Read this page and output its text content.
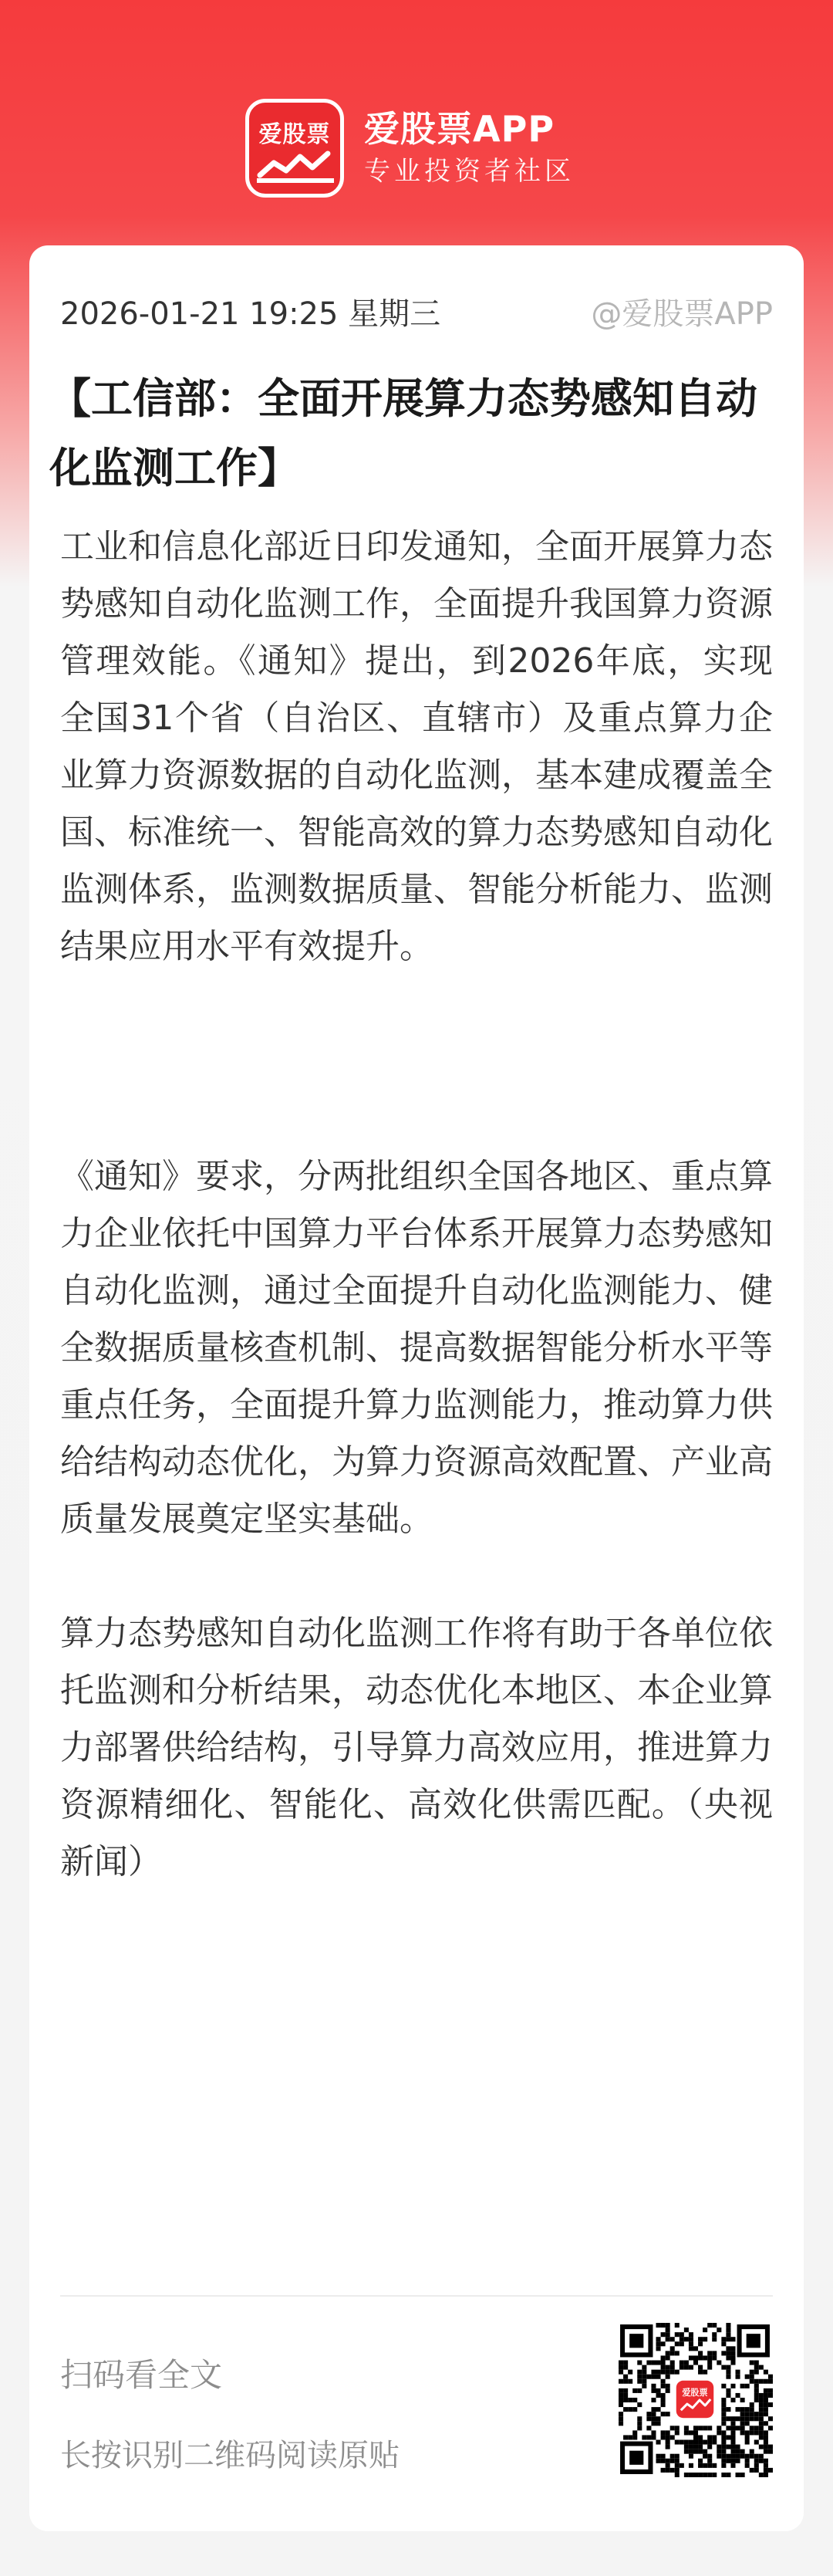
爱股票 爱股票APP
专业投资者社区
2026-01-21 19:25 星期三	@爱股票APP
【工信部：全面开展算力态势感知自动化监测工作】

工业和信息化部近日印发通知，全面开展算力态势感知自动化监测工作，全面提升我国算力资源管理效能。《通知》提出，到2026年底，实现全国31个省（自治区、直辖市）及重点算力企业算力资源数据的自动化监测，基本建成覆盖全国、标准统一、智能高效的算力态势感知自动化监测体系，监测数据质量、智能分析能力、监测结果应用水平有效提升。

《通知》要求，分两批组织全国各地区、重点算力企业依托中国算力平台体系开展算力态势感知自动化监测，通过全面提升自动化监测能力、健全数据质量核查机制、提高数据智能分析水平等重点任务，全面提升算力监测能力，推动算力供给结构动态优化，为算力资源高效配置、产业高质量发展奠定坚实基础。

算力态势感知自动化监测工作将有助于各单位依托监测和分析结果，动态优化本地区、本企业算力部署供给结构，引导算力高效应用，推进算力资源精细化、智能化、高效化供需匹配。（央视新闻）

扫码看全文
长按识别二维码阅读原贴
爱股票
